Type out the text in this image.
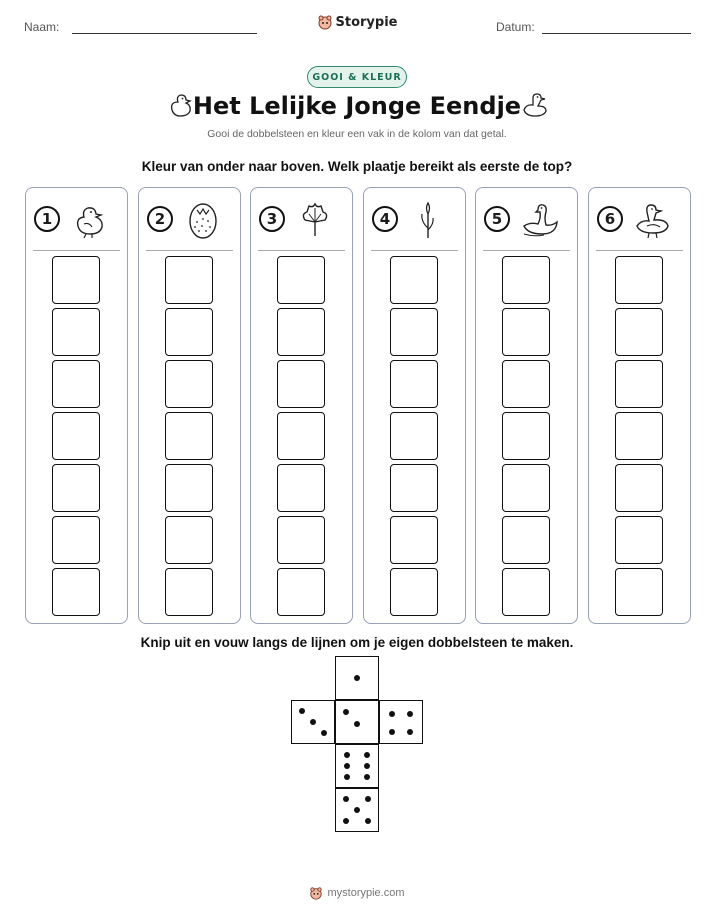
Naam:	Storypie	Datum:
GOOI & KLEUR
Het Lelijke Jonge Eendje
Gooi de dobbelsteen en kleur een vak in de kolom van dat getal.
Kleur van onder naar boven. Welk plaatje bereikt als eerste de top?
1	2	3	4	5	6
Knip uit en vouw langs de lijnen om je eigen dobbelsteen te maken.
mystorypie.com
